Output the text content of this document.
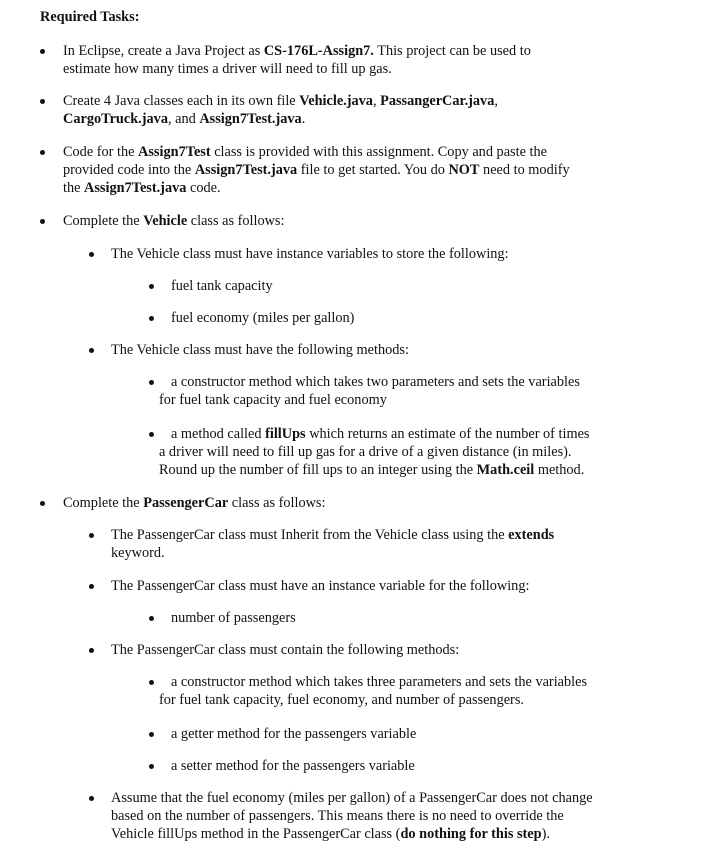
Required Tasks:
In Eclipse, create a Java Project as CS-176L-Assign7. This project can be used to
estimate how many times a driver will need to fill up gas.
Create 4 Java classes each in its own file Vehicle.java, PassangerCar.java,
CargoTruck.java, and Assign7Test.java.
Code for the Assign7Test class is provided with this assignment. Copy and paste the
provided code into the Assign7Test.java file to get started. You do NOT need to modify
the Assign7Test.java code.
Complete the Vehicle class as follows:
The Vehicle class must have instance variables to store the following:
fuel tank capacity
fuel economy (miles per gallon)
The Vehicle class must have the following methods:
a constructor method which takes two parameters and sets the variables
for fuel tank capacity and fuel economy
a method called fillUps which returns an estimate of the number of times
a driver will need to fill up gas for a drive of a given distance (in miles).
Round up the number of fill ups to an integer using the Math.ceil method.
Complete the PassengerCar class as follows:
The PassengerCar class must Inherit from the Vehicle class using the extends
keyword.
The PassengerCar class must have an instance variable for the following:
number of passengers
The PassengerCar class must contain the following methods:
a constructor method which takes three parameters and sets the variables
for fuel tank capacity, fuel economy, and number of passengers.
a getter method for the passengers variable
a setter method for the passengers variable
Assume that the fuel economy (miles per gallon) of a PassengerCar does not change
based on the number of passengers. This means there is no need to override the
Vehicle fillUps method in the PassengerCar class (do nothing for this step).
